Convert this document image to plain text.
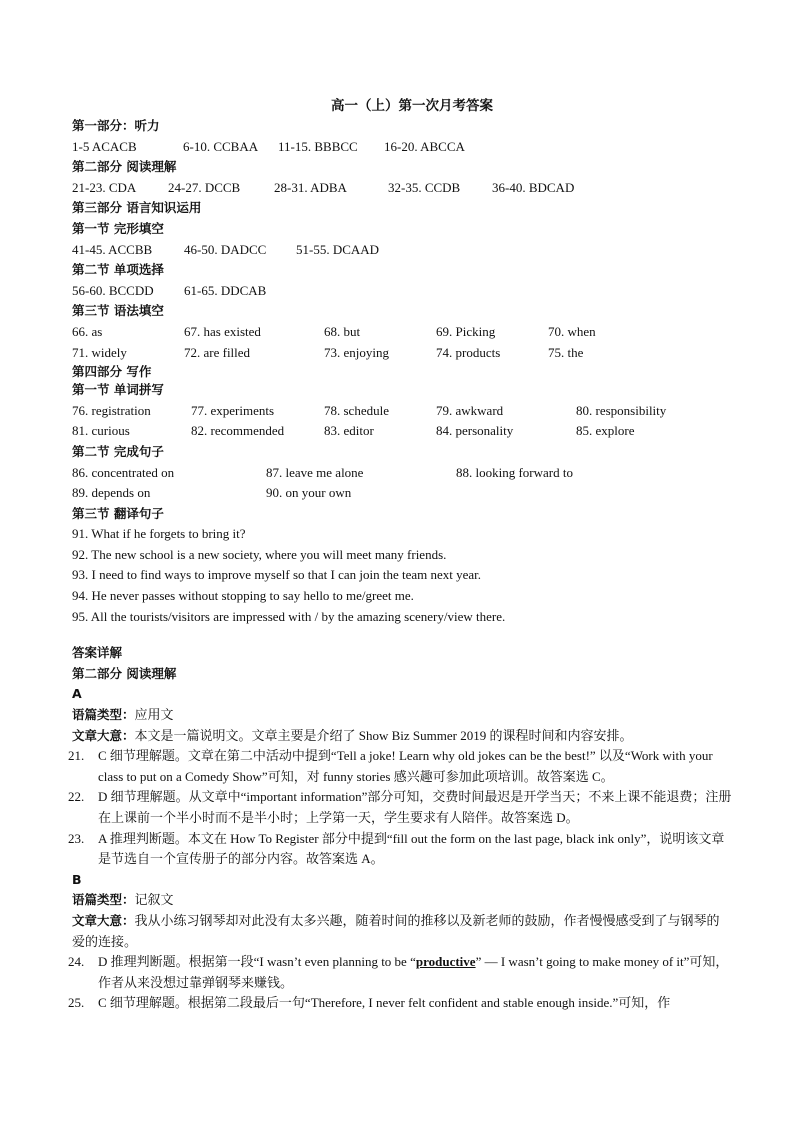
高一（上）第一次月考答案
第一部分：听力
1-5 ACACB	6-10. CCBAA 11-15. BBBCC 16-20. ABCCA
第二部分 阅读理解
21-23. CDA 24-27. DCCB	28-31. ADBA	32-35. CCDB 36-40. BDCAD
第三部分 语言知识运用
第一节 完形填空
41-45. ACCBB 46-50. DADCC 51-55. DCAAD
第二节 单项选择
56-60. BCCDD 61-65. DDCAB
第三节 语法填空
66. as	67. has existed	68. but	69. Picking	70. when
71. widely	72. are filled	73. enjoying	74. products	75. the
第四部分 写作
第一节 单词拼写
76. registration	77. experiments	78. schedule	79. awkward	80. responsibility
81. curious	82. recommended	83. editor	84. personality	85. explore
第二节 完成句子
86. concentrated on	87. leave me alone	88. looking forward to
89. depends on	90. on your own
第三节 翻译句子
91. What if he forgets to bring it?
92. The new school is a new society, where you will meet many friends.
93. I need to find ways to improve myself so that I can join the team next year.
94. He never passes without stopping to say hello to me/greet me.
95. All the tourists/visitors are impressed with / by the amazing scenery/view there.
答案详解
第二部分 阅读理解
A
语篇类型：应用文
文章大意：本文是一篇说明文。文章主要是介绍了 Show Biz Summer 2019 的课程时间和内容安排。
21. C 细节理解题。文章在第二中活动中提到“Tell a joke! Learn why old jokes can be the best!” 以及“Work with your class to put on a Comedy Show”可知，对 funny stories 感兴趣可参加此项培训。故答案选 C。
22. D 细节理解题。从文章中“important information”部分可知，交费时间最迟是开学当天；不来上课不能退费；注册在上课前一个半小时而不是半小时；上学第一天，学生要求有人陪伴。故答案选 D。
23. A 推理判断题。本文在 How To Register 部分中提到“fill out the form on the last page, black ink only”，说明该文章是节选自一个宣传册子的部分内容。故答案选 A。
B
语篇类型：记叙文
文章大意：我从小练习钢琴却对此没有太多兴趣，随着时间的推移以及新老师的鼓励，作者慢慢感受到了与钢琴的爱的连接。
24. D 推理判断题。根据第一段“I wasn’t even planning to be “productive” — I wasn’t going to make money of it”可知，作者从来没想过靠弹钢琴来赚钱。
25. C 细节理解题。根据第二段最后一句“Therefore, I never felt confident and stable enough inside.”可知，作
